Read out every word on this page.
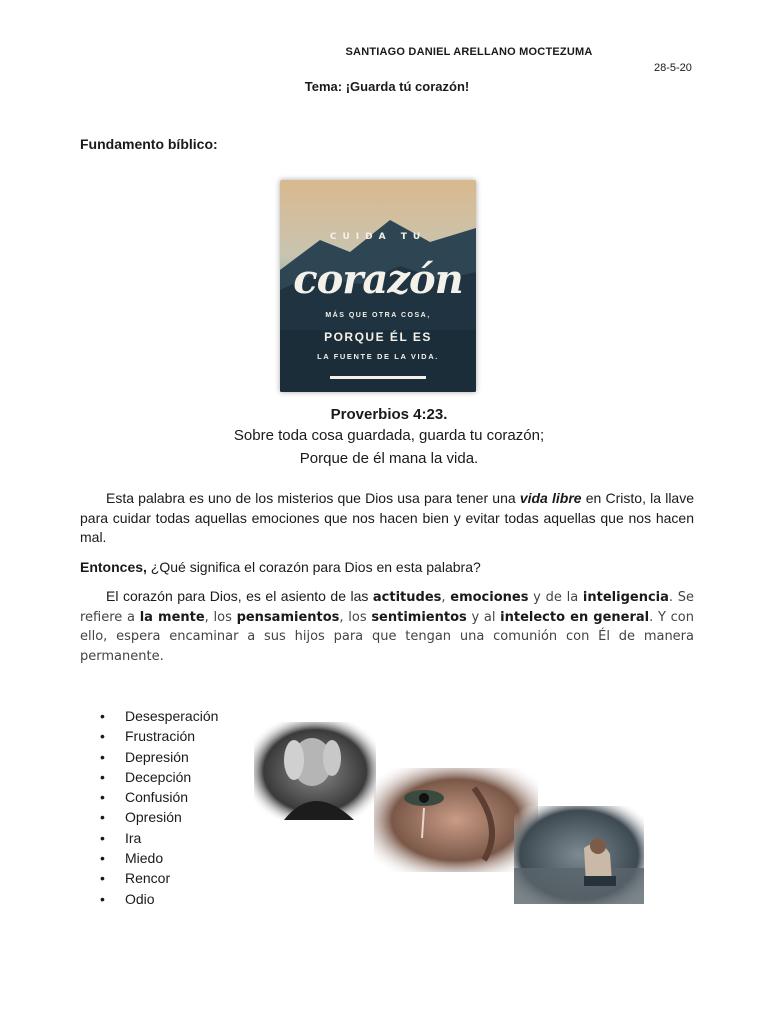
SANTIAGO DANIEL ARELLANO MOCTEZUMA
28-5-20
Tema: ¡Guarda tú corazón!
Fundamento bíblico:
CUIDA TU
corazón
MÁS QUE OTRA COSA,
PORQUE ÉL ES
LA FUENTE DE LA VIDA.
Proverbios 4:23.
Sobre toda cosa guardada, guarda tu corazón;
Porque de él mana la vida.
Esta palabra es uno de los misterios que Dios usa para tener una vida libre en Cristo, la llave para cuidar todas aquellas emociones que nos hacen bien y evitar todas aquellas que nos hacen mal.
Entonces, ¿Qué significa el corazón para Dios en esta palabra?
El corazón para Dios, es el asiento de las actitudes, emociones y de la inteligencia. Se refiere a la mente, los pensamientos, los sentimientos y al intelecto en general. Y con ello, espera encaminar a sus hijos para que tengan una comunión con Él de manera permanente.
• Desesperación
• Frustración
• Depresión
• Decepción
• Confusión
• Opresión
• Ira
• Miedo
• Rencor
• Odio
